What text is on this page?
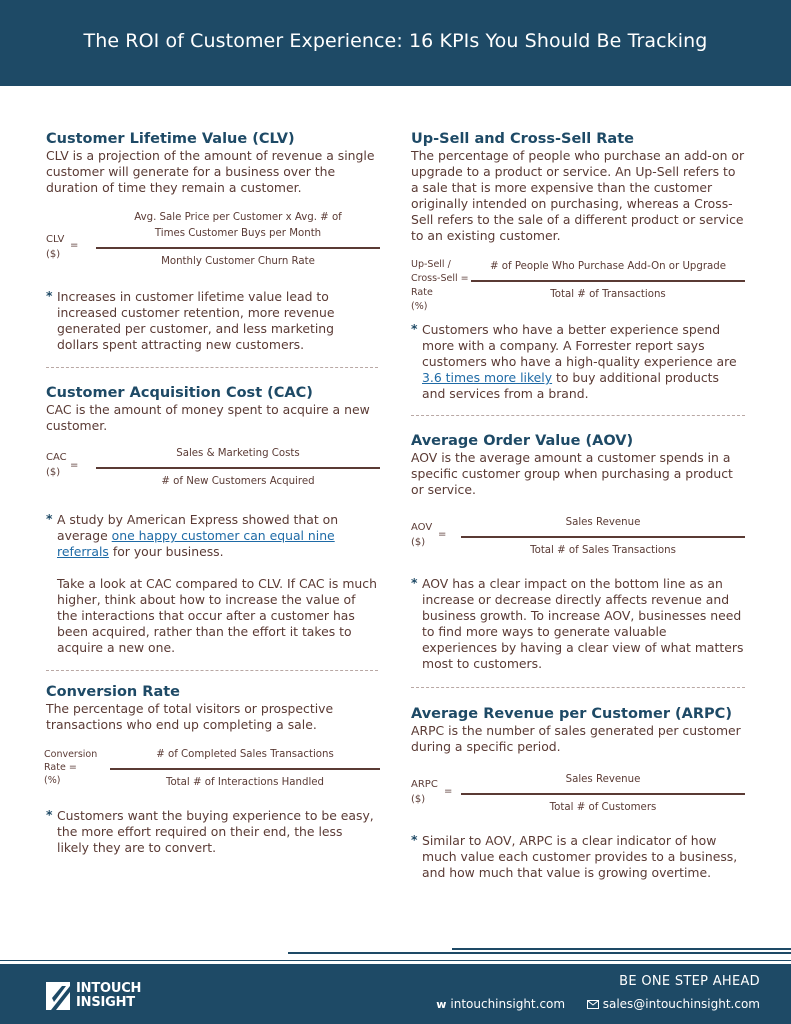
The ROI of Customer Experience: 16 KPIs You Should Be Tracking
Customer Lifetime Value (CLV)

CLV is a projection of the amount of revenue a single customer will generate for a business over the duration of time they remain a customer.

CLV
($)
=
Avg. Sale Price per Customer x Avg. # of
Times Customer Buys per Month
Monthly Customer Churn Rate
* Increases in customer lifetime value lead to increased customer retention, more revenue generated per customer, and less marketing dollars spent attracting new customers.
Customer Acquisition Cost (CAC)

CAC is the amount of money spent to acquire a new customer.

CAC
($)
=
Sales & Marketing Costs
# of New Customers Acquired
* A study by American Express showed that on average one happy customer can equal nine referrals for your business.
Take a look at CAC compared to CLV. If CAC is much higher, think about how to increase the value of the interactions that occur after a customer has been acquired, rather than the effort it takes to acquire a new one.
Conversion Rate

The percentage of total visitors or prospective transactions who end up completing a sale.

Conversion
Rate =
(%)
# of Completed Sales Transactions
Total # of Interactions Handled
* Customers want the buying experience to be easy, the more effort required on their end, the less likely they are to convert.
Up-Sell and Cross-Sell Rate

The percentage of people who purchase an add-on or upgrade to a product or service. An Up-Sell refers to a sale that is more expensive than the customer originally intended on purchasing, whereas a Cross-Sell refers to the sale of a different product or service to an existing customer.

Up-Sell /
Cross-Sell =
Rate
(%)
# of People Who Purchase Add-On or Upgrade
Total # of Transactions
* Customers who have a better experience spend more with a company. A Forrester report says customers who have a high-quality experience are 3.6 times more likely to buy additional products and services from a brand.
Average Order Value (AOV)

AOV is the average amount a customer spends in a specific customer group when purchasing a product or service.

AOV
($)
=
Sales Revenue
Total # of Sales Transactions
* AOV has a clear impact on the bottom line as an increase or decrease directly affects revenue and business growth. To increase AOV, businesses need to find more ways to generate valuable experiences by having a clear view of what matters most to customers.
Average Revenue per Customer (ARPC)

ARPC is the number of sales generated per customer during a specific period.

ARPC
($)
=
Sales Revenue
Total # of Customers
* Similar to AOV, ARPC is a clear indicator of how much value each customer provides to a business, and how much that value is growing overtime.
INTOUCH
INSIGHT
BE ONE STEP AHEAD
w intouchinsight.com	sales@intouchinsight.com
